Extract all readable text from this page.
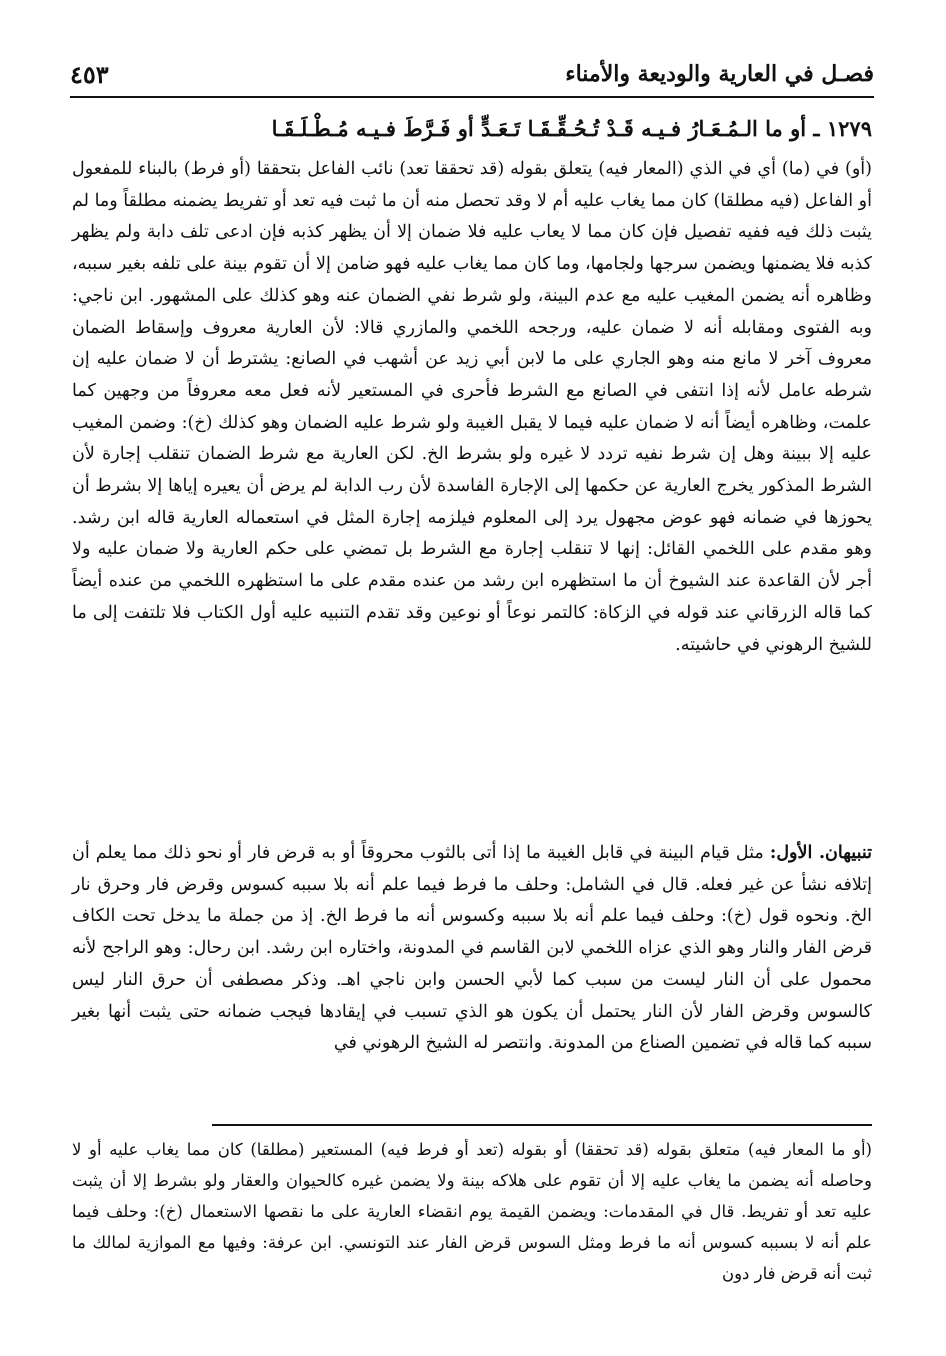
فصـل في العارية والوديعة والأمناء
٤٥٣
١٢٧٩ ـ أو ما الـمُـعَـارُ فـيـه قَـدْ تُـحُـقِّـقَـا تَـعَـدٍّ أو فَـرَّطَ فـيـه مُـطْـلَـقَـا

(أو) في (ما) أي في الذي (المعار فيه) يتعلق بقوله (قد تحققا تعد) نائب الفاعل بتحققا (أو فرط) بالبناء للمفعول أو الفاعل (فيه مطلقا) كان مما يغاب عليه أم لا وقد تحصل منه أن ما ثبت فيه تعد أو تفريط يضمنه مطلقاً وما لم يثبت ذلك فيه ففيه تفصيل فإن كان مما لا يعاب عليه فلا ضمان إلا أن يظهر كذبه فإن ادعى تلف دابة ولم يظهر كذبه فلا يضمنها ويضمن سرجها ولجامها، وما كان مما يغاب عليه فهو ضامن إلا أن تقوم بينة على تلفه بغير سببه، وظاهره أنه يضمن المغيب عليه مع عدم البينة، ولو شرط نفي الضمان عنه وهو كذلك على المشهور. ابن ناجي: وبه الفتوى ومقابله أنه لا ضمان عليه، ورجحه اللخمي والمازري قالا: لأن العارية معروف وإسقاط الضمان معروف آخر لا مانع منه وهو الجاري على ما لابن أبي زيد عن أشهب في الصانع: يشترط أن لا ضمان عليه إن شرطه عامل لأنه إذا انتفى في الصانع مع الشرط فأحرى في المستعير لأنه فعل معه معروفاً من وجهين كما علمت، وظاهره أيضاً أنه لا ضمان عليه فيما لا يقبل الغيبة ولو شرط عليه الضمان وهو كذلك (خ): وضمن المغيب عليه إلا ببينة وهل إن شرط نفيه تردد لا غيره ولو بشرط الخ. لكن العارية مع شرط الضمان تنقلب إجارة لأن الشرط المذكور يخرج العارية عن حكمها إلى الإجارة الفاسدة لأن رب الدابة لم يرض أن يعيره إياها إلا بشرط أن يحوزها في ضمانه فهو عوض مجهول يرد إلى المعلوم فيلزمه إجارة المثل في استعماله العارية قاله ابن رشد. وهو مقدم على اللخمي القائل: إنها لا تنقلب إجارة مع الشرط بل تمضي على حكم العارية ولا ضمان عليه ولا أجر لأن القاعدة عند الشيوخ أن ما استظهره ابن رشد من عنده مقدم على ما استظهره اللخمي من عنده أيضاً كما قاله الزرقاني عند قوله في الزكاة: كالتمر نوعاً أو نوعين وقد تقدم التنبيه عليه أول الكتاب فلا تلتفت إلى ما للشيخ الرهوني في حاشيته.

تنبيهان. الأول: مثل قيام البينة في قابل الغيبة ما إذا أتى بالثوب محروقاً أو به قرض فار أو نحو ذلك مما يعلم أن إتلافه نشأ عن غير فعله. قال في الشامل: وحلف ما فرط فيما علم أنه بلا سببه كسوس وقرض فار وحرق نار الخ. ونحوه قول (خ): وحلف فيما علم أنه بلا سببه وكسوس أنه ما فرط الخ. إذ من جملة ما يدخل تحت الكاف قرض الفار والنار وهو الذي عزاه اللخمي لابن القاسم في المدونة، واختاره ابن رشد. ابن رحال: وهو الراجح لأنه محمول على أن النار ليست من سبب كما لأبي الحسن وابن ناجي اهـ. وذكر مصطفى أن حرق النار ليس كالسوس وقرض الفار لأن النار يحتمل أن يكون هو الذي تسبب في إيقادها فيجب ضمانه حتى يثبت أنها بغير سببه كما قاله في تضمين الصناع من المدونة. وانتصر له الشيخ الرهوني في
(أو ما المعار فيه) متعلق بقوله (قد تحققا) أو بقوله (تعد أو فرط فيه) المستعير (مطلقا) كان مما يغاب عليه أو لا وحاصله أنه يضمن ما يغاب عليه إلا أن تقوم على هلاكه بينة ولا يضمن غيره كالحيوان والعقار ولو بشرط إلا أن يثبت عليه تعد أو تفريط. قال في المقدمات: ويضمن القيمة يوم انقضاء العارية على ما نقصها الاستعمال (خ): وحلف فيما علم أنه لا بسببه كسوس أنه ما فرط ومثل السوس قرض الفار عند التونسي. ابن عرفة: وفيها مع الموازية لمالك ما ثبت أنه قرض فار دون
